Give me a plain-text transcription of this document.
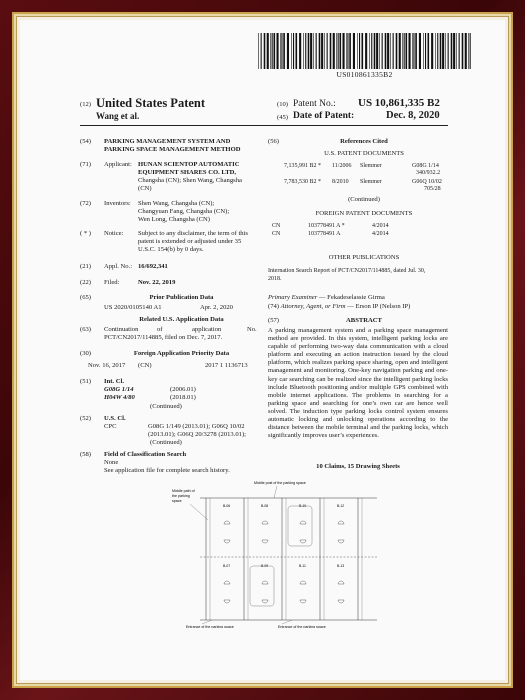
US010861335B2
(12) United States Patent
Wang et al.
(10) Patent No.: US 10,861,335 B2
(45) Date of Patent:	Dec. 8, 2020
(54) PARKING MANAGEMENT SYSTEM AND
PARKING SPACE MANAGEMENT METHOD
(71) Applicant: HUNAN SCIENTOP AUTOMATIC
EQUIPMENT SHARES CO. LTD,
Changsha (CN); Shen Wang, Changsha
(CN)
(72) Inventors: Shen Wang, Changsha (CN);
Changyuan Fang, Changsha (CN);
Wen Long, Changsha (CN)
( * ) Notice: Subject to any disclaimer, the term of this
patent is extended or adjusted under 35
U.S.C. 154(b) by 0 days.
(21) Appl. No.: 16/692,341
(22) Filed:	Nov. 22, 2019
(65)	Prior Publication Data
US 2020/0105140 A1	Apr. 2, 2020
Related U.S. Application Data
(63) Continuation	of	application	No.
PCT/CN2017/114885, filed on Dec. 7, 2017.
(30)	Foreign Application Priority Data
Nov. 16, 2017 (CN)	2017 1 1136713
(51) Int. Cl.
G08G 1/14	(2006.01)
H04W 4/80	(2018.01)
(Continued)
(52) U.S. Cl.
CPC	G08G 1/149 (2013.01); G06Q 10/02
(2013.01); G06Q 20/3278 (2013.01);
(Continued)
(58) Field of Classification Search
None
See application file for complete search history.
(56)	References Cited
U.S. PATENT DOCUMENTS
7,135,991 B2 * 11/2006 Slemmer	G08G 1/14
340/932.2
7,783,530 B2 * 8/2010 Slemmer	G06Q 10/02
705/28
(Continued)
FOREIGN PATENT DOCUMENTS
CN	103778491 A *	4/2014
CN	103778491 A	4/2014
OTHER PUBLICATIONS
Internation Search Report of PCT/CN2017/114885, dated Jul. 30,
2018.
Primary Examiner — Fekadeselassie Girma
(74) Attorney, Agent, or Firm — Erson IP (Nelson IP)
(57)	ABSTRACT
A parking management system and a parking space management method are provided. In this system, intelligent parking locks are capable of performing two-way data communication with a cloud platform and executing an action instruction issued by the cloud platform, which realizes parking space sharing, open and intelligent management and monitoring. One-key navigation parking and one-key car searching can be realized since the intelligent parking locks include Bluetooth positioning and/or multiple GPS combined with mobile internet applications. The problems in searching for a parking space and searching for one’s own car are hence well solved. The induction type parking locks control system ensures automatic locking and unlocking operations according to the distance between the mobile terminal and the parking locks, which significantly improves user’s experiences.
10 Claims, 15 Drawing Sheets
Middle post of the parking space
Middle path of
the parking
space
B-06
B-07
B-08
B-09
B-10
B-11
B-12
B-13
Entrance of the parking space	Entrance of the parking space
